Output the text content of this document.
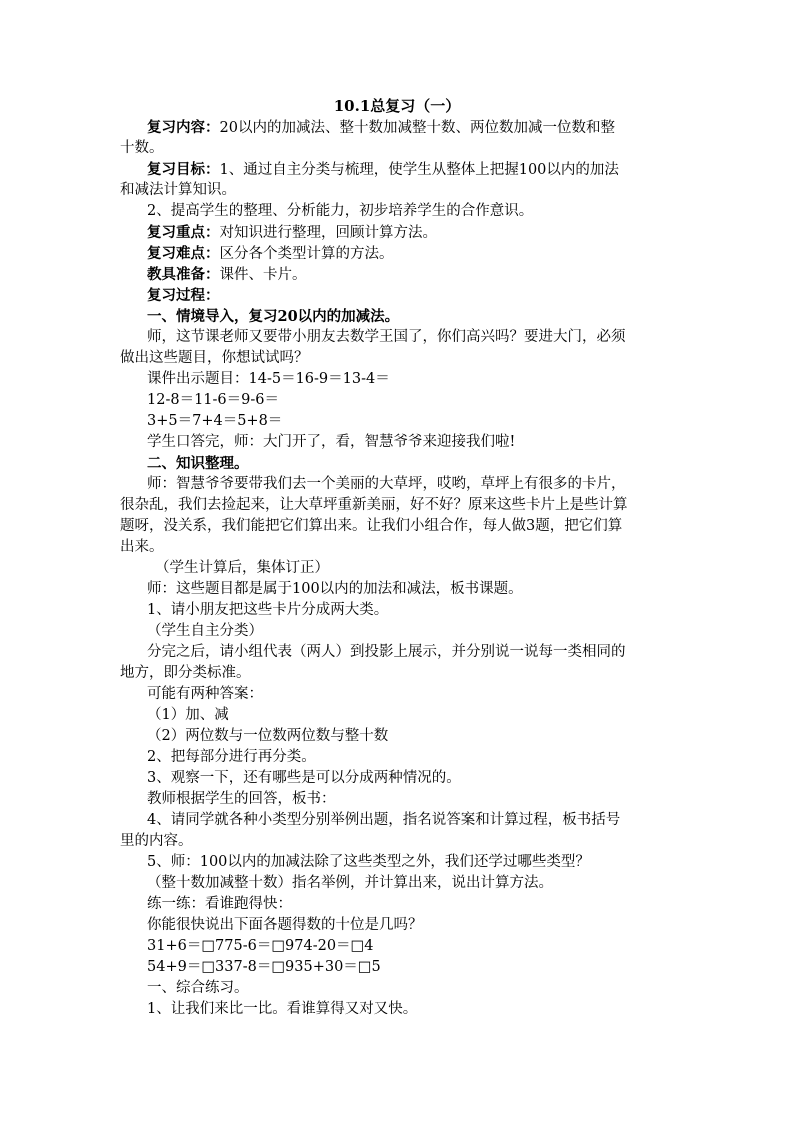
10.1总复习（一）
复习内容：20以内的加减法、整十数加减整十数、两位数加减一位数和整
十数。
复习目标：1、通过自主分类与梳理，使学生从整体上把握100以内的加法
和减法计算知识。
2、提高学生的整理、分析能力，初步培养学生的合作意识。
复习重点：对知识进行整理，回顾计算方法。
复习难点：区分各个类型计算的方法。
教具准备：课件、卡片。
复习过程：
一、情境导入，复习20以内的加减法。
师，这节课老师又要带小朋友去数学王国了，你们高兴吗？要进大门，必须
做出这些题目，你想试试吗？
课件出示题目：14-5＝16-9＝13-4＝
12-8＝11-6＝9-6＝
3+5＝7+4＝5+8＝
学生口答完，师：大门开了，看，智慧爷爷来迎接我们啦!
二、知识整理。
师：智慧爷爷要带我们去一个美丽的大草坪，哎哟，草坪上有很多的卡片，
很杂乱，我们去捡起来，让大草坪重新美丽，好不好？原来这些卡片上是些计算
题呀，没关系，我们能把它们算出来。让我们小组合作，每人做3题，把它们算
出来。
（学生计算后，集体订正）
师：这些题目都是属于100以内的加法和减法，板书课题。
1、请小朋友把这些卡片分成两大类。
（学生自主分类）
分完之后，请小组代表（两人）到投影上展示，并分别说一说每一类相同的
地方，即分类标准。
可能有两种答案：
（1）加、减
（2）两位数与一位数两位数与整十数
2、把每部分进行再分类。
3、观察一下，还有哪些是可以分成两种情况的。
教师根据学生的回答，板书：
4、请同学就各种小类型分别举例出题，指名说答案和计算过程，板书括号
里的内容。
5、师：100以内的加减法除了这些类型之外，我们还学过哪些类型？
（整十数加减整十数）指名举例，并计算出来，说出计算方法。
练一练：看谁跑得快：
你能很快说出下面各题得数的十位是几吗？
31+6＝□775-6＝□974-20＝□4
54+9＝□337-8＝□935+30＝□5
一、综合练习。
1、让我们来比一比。看谁算得又对又快。
